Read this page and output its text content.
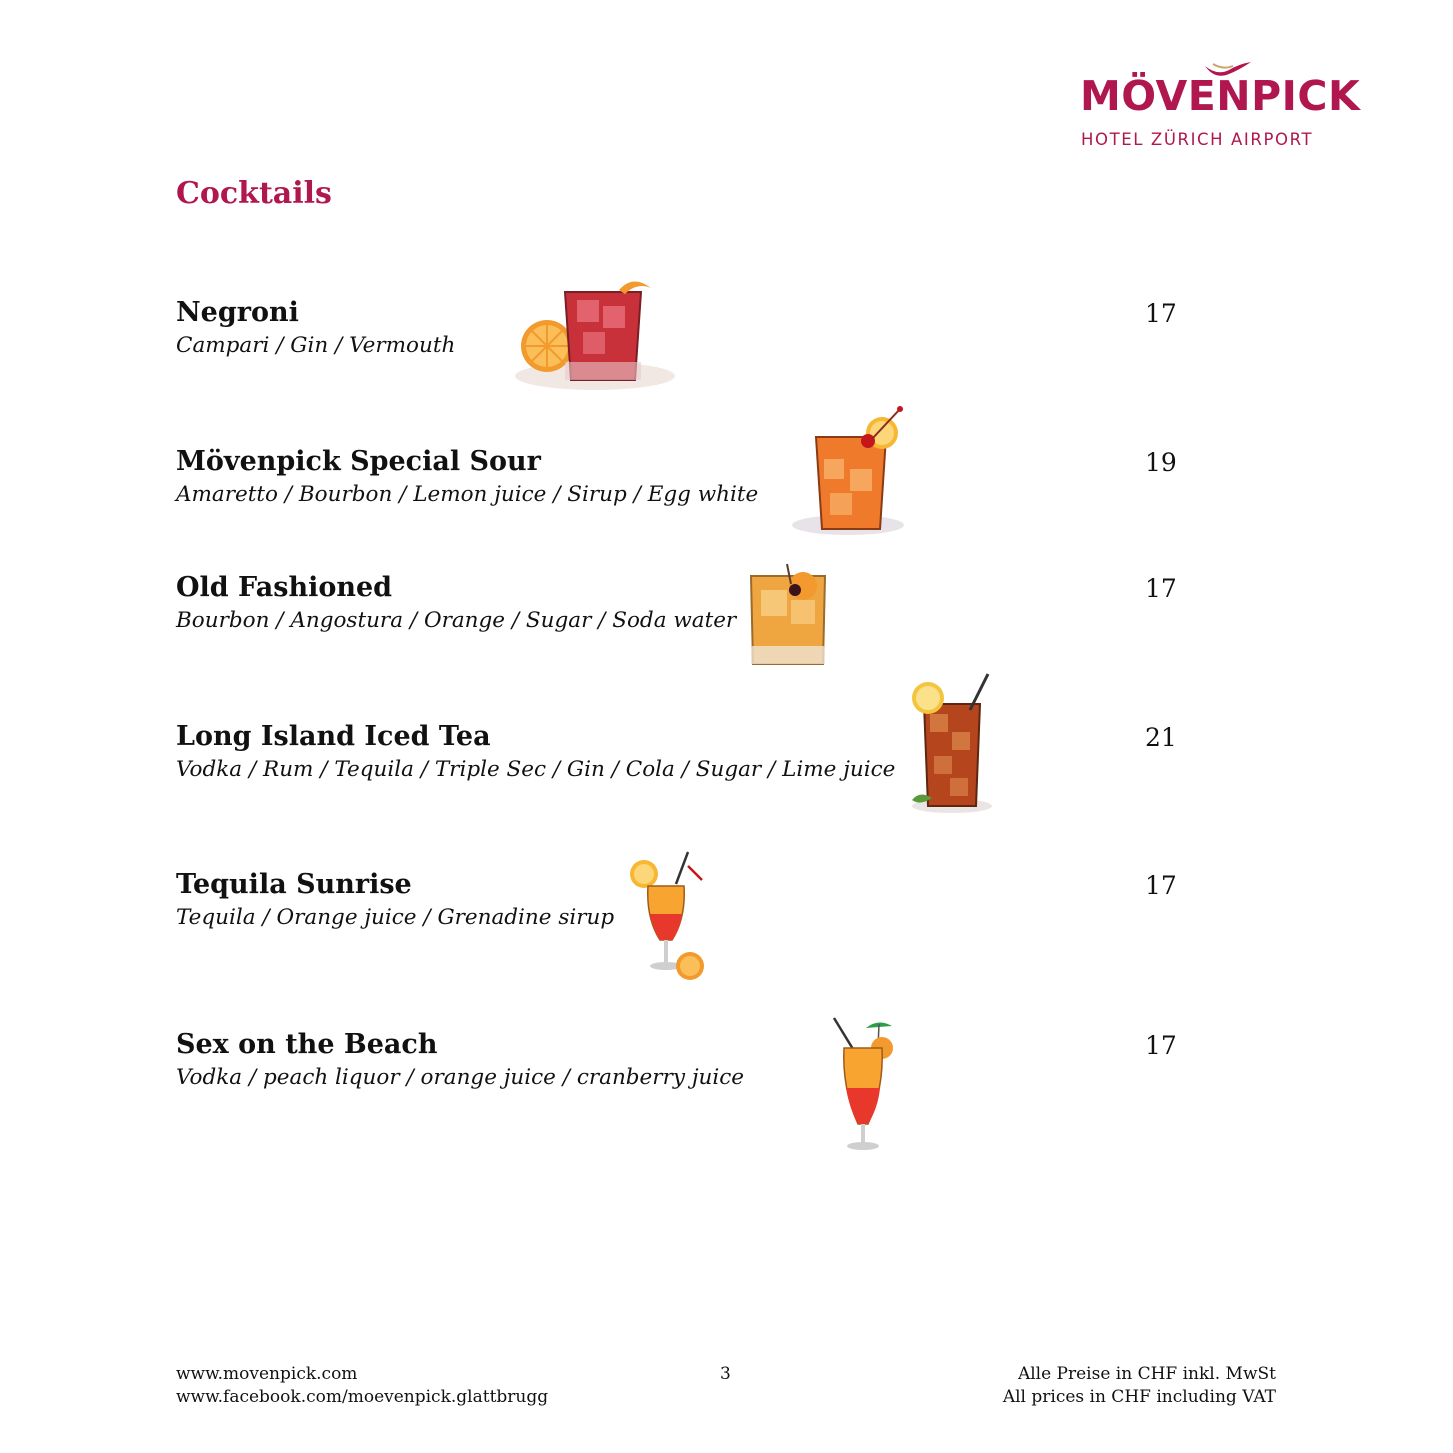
MÖVENPICK
HOTEL ZÜRICH AIRPORT
Cocktails
Negroni
Campari / Gin / Vermouth
17
Mövenpick Special Sour
Amaretto / Bourbon / Lemon juice / Sirup / Egg white
19
Old Fashioned
Bourbon / Angostura / Orange / Sugar / Soda water
17
Long Island Iced Tea
Vodka / Rum / Tequila / Triple Sec / Gin / Cola / Sugar / Lime juice
21
Tequila Sunrise
Tequila / Orange juice / Grenadine sirup
17
Sex on the Beach
Vodka / peach liquor / orange juice / cranberry juice
17
www.movenpick.com
www.facebook.com/moevenpick.glattbrugg
3	Alle Preise in CHF inkl. MwSt
All prices in CHF including VAT
